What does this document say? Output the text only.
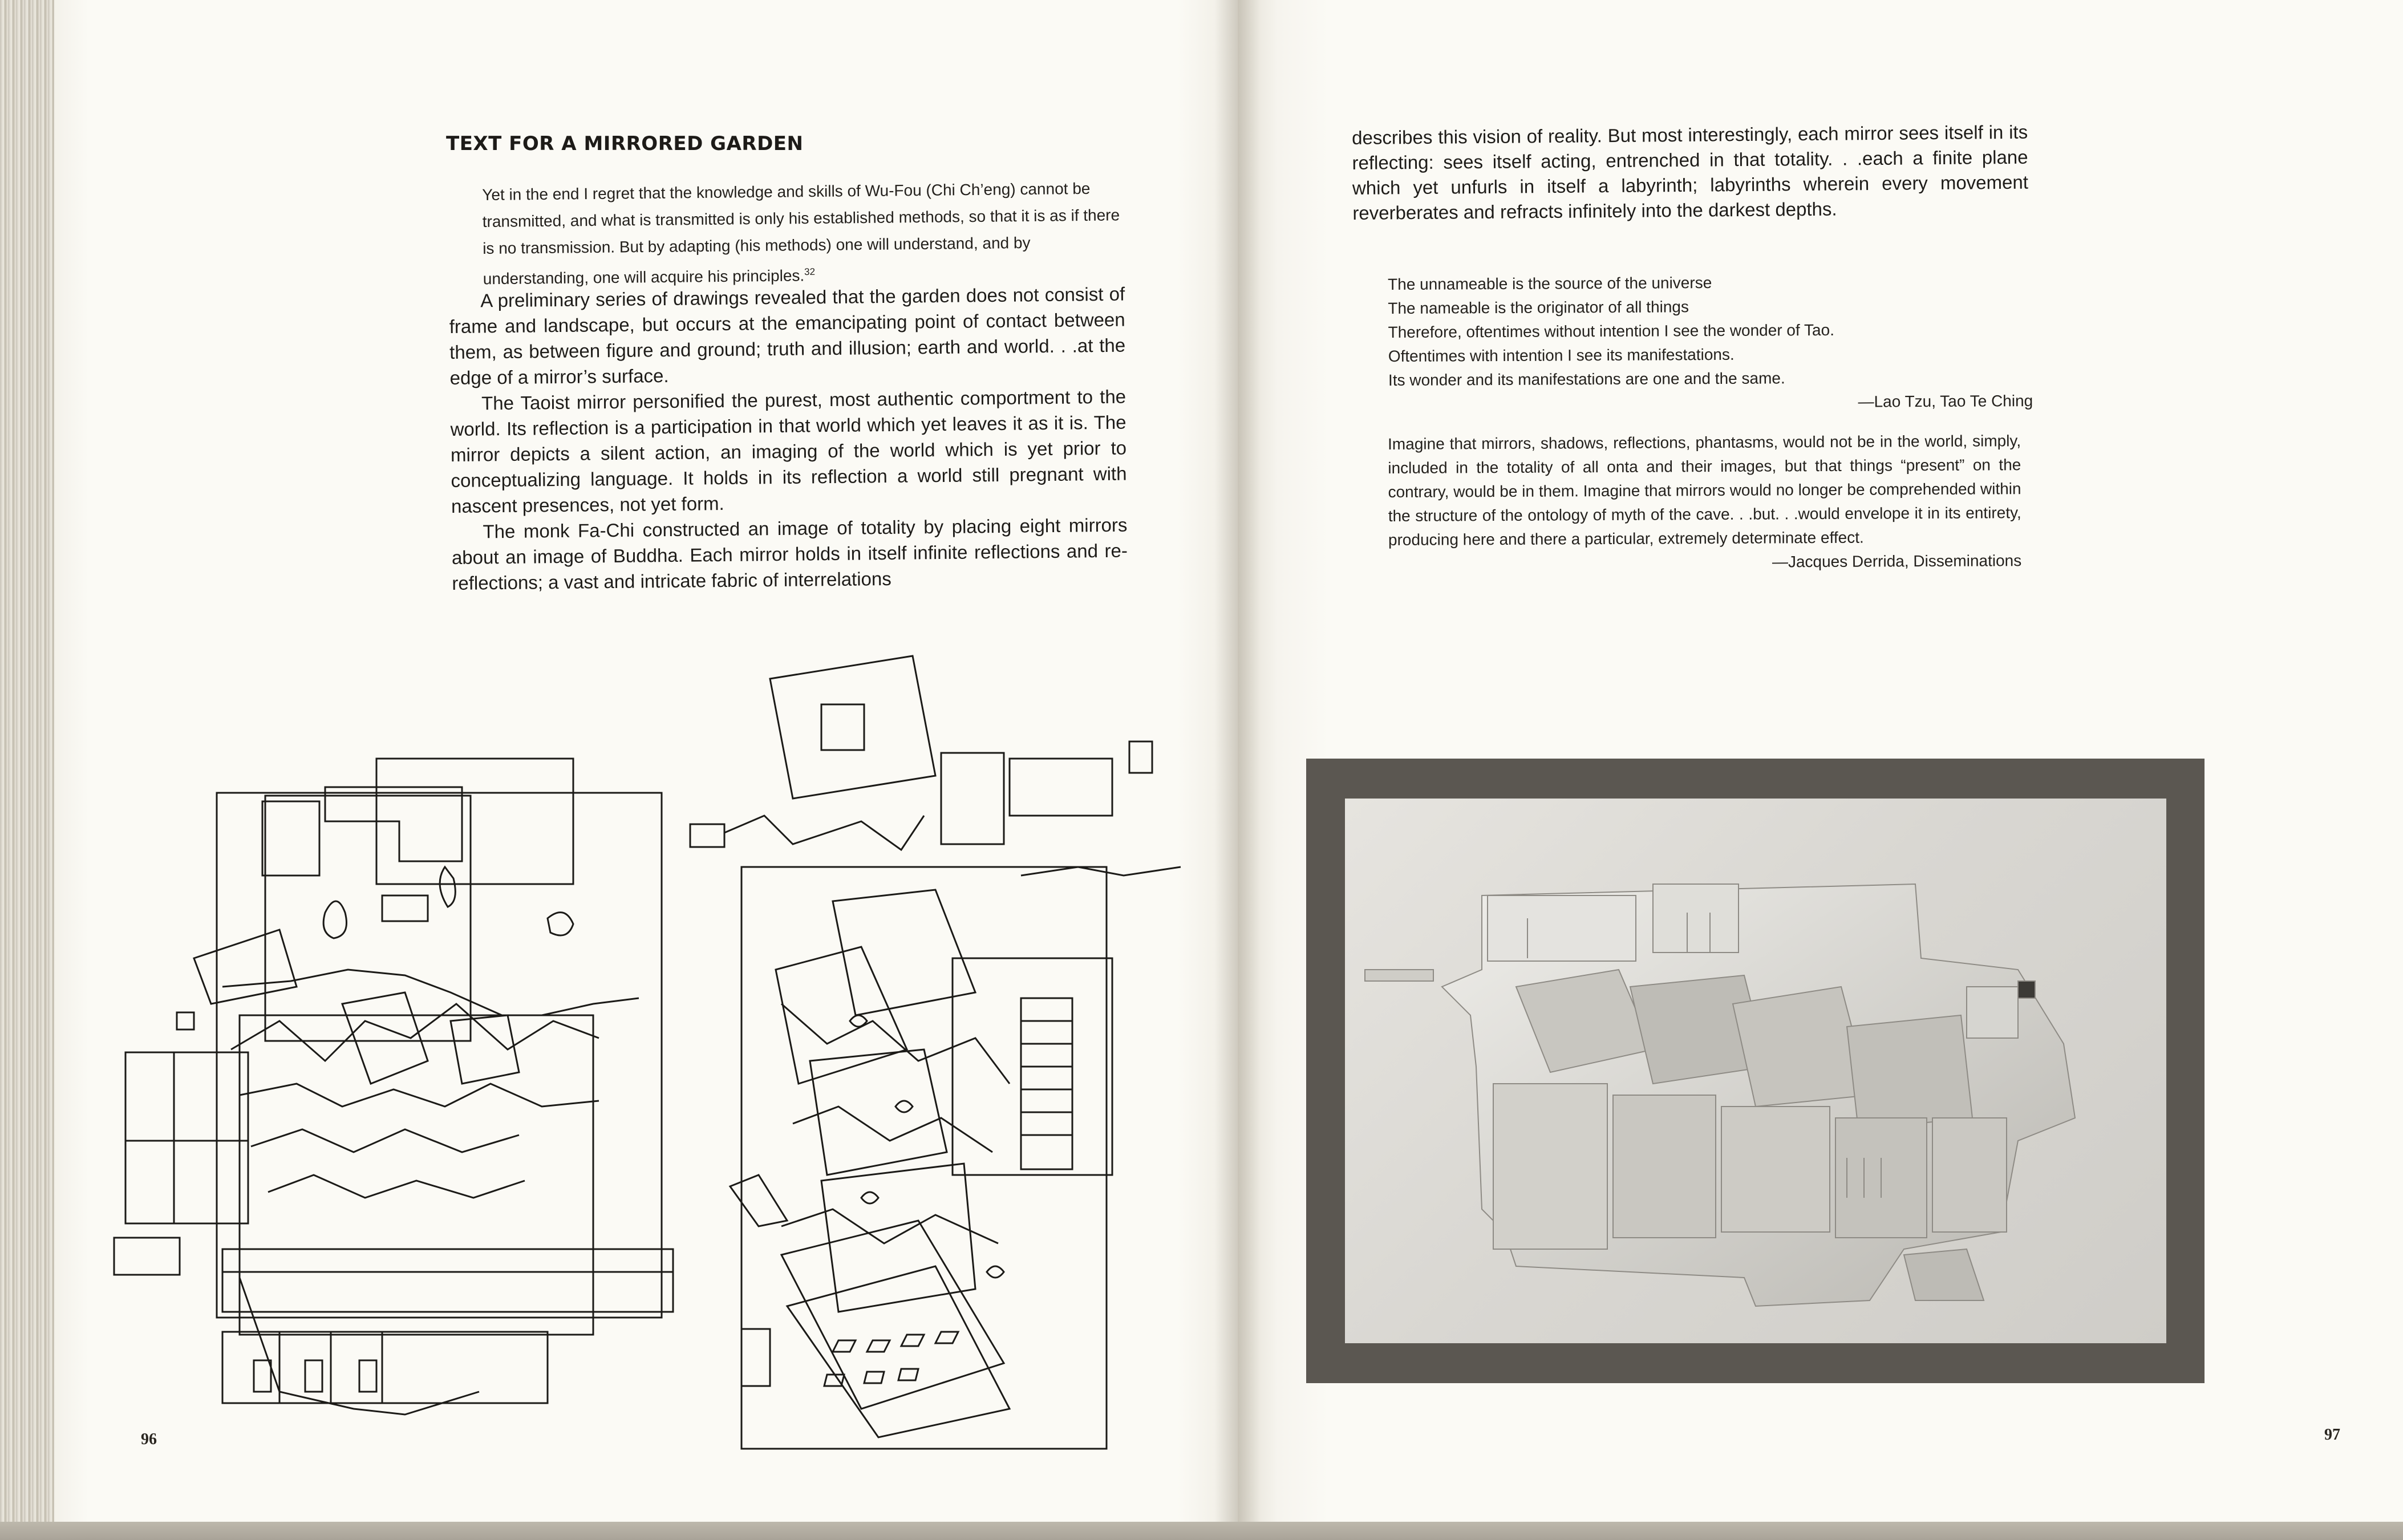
TEXT FOR A MIRRORED GARDEN
Yet in the end I regret that the knowledge and skills of Wu-Fou (Chi Ch’eng) cannot be transmitted, and what is transmitted is only his established methods, so that it is as if there is no transmission. But by adapting (his methods) one will understand, and by understanding, one will acquire his principles.$^{32}$

A preliminary series of drawings revealed that the garden does not consist of frame and landscape, but occurs at the emancipating point of contact between them, as between figure and ground; truth and illusion; earth and world. . .at the edge of a mirror’s surface.

The Taoist mirror personified the purest, most authentic comportment to the world. Its reflection is a participation in that world which yet leaves it as it is. The mirror depicts a silent action, an imaging of the world which is yet prior to conceptualizing language. It holds in its reflection a world still pregnant with nascent presences, not yet form.

The monk Fa-Chi constructed an image of totality by placing eight mirrors about an image of Buddha. Each mirror holds in itself infinite reflections and re-reflections; a vast and intricate fabric of interrelations

96
describes this vision of reality. But most interestingly, each mirror sees itself in its reflecting: sees itself acting, entrenched in that totality. . .each a finite plane which yet unfurls in itself a labyrinth; labyrinths wherein every movement reverberates and refracts infinitely into the darkest depths.
The unnameable is the source of the universe
The nameable is the originator of all things
Therefore, oftentimes without intention I see the wonder of Tao.
Oftentimes with intention I see its manifestations.
Its wonder and its manifestations are one and the same.
—Lao Tzu, Tao Te Ching
Imagine that mirrors, shadows, reflections, phantasms, would not be in the world, simply, included in the totality of all onta and their images, but that things “present” on the contrary, would be in them. Imagine that mirrors would no longer be comprehended within the structure of the ontology of myth of the cave. . .but. . .would envelope it in its entirety, producing here and there a particular, extremely determinate effect.
—Jacques Derrida, Disseminations
97
